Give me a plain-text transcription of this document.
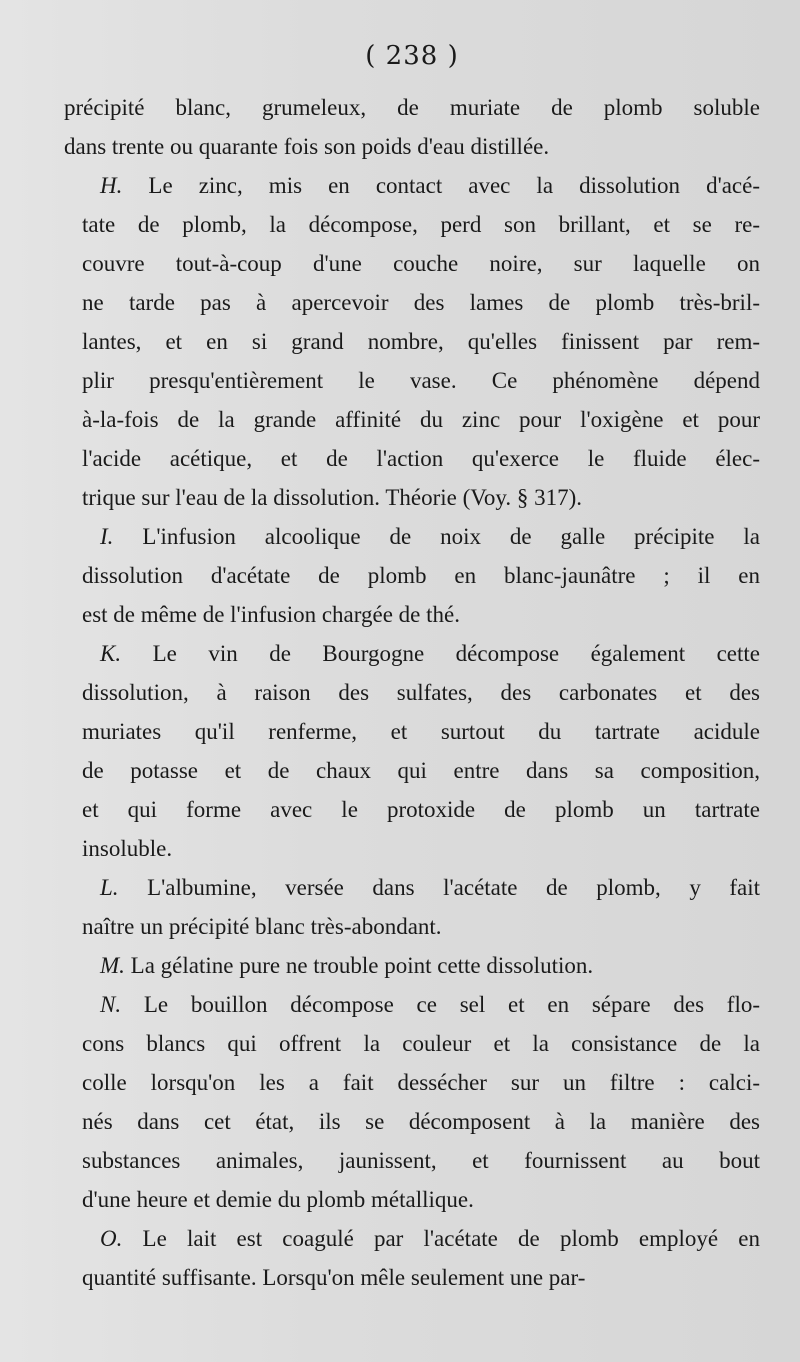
( 238 )
précipité blanc, grumeleux, de muriate de plomb soluble
dans trente ou quarante fois son poids d'eau distillée.
H. Le zinc, mis en contact avec la dissolution d'acé-
tate de plomb, la décompose, perd son brillant, et se re-
couvre tout-à-coup d'une couche noire, sur laquelle on
ne tarde pas à apercevoir des lames de plomb très-bril-
lantes, et en si grand nombre, qu'elles finissent par rem-
plir presqu'entièrement le vase. Ce phénomène dépend
à-la-fois de la grande affinité du zinc pour l'oxigène et pour
l'acide acétique, et de l'action qu'exerce le fluide élec-
trique sur l'eau de la dissolution. Théorie (Voy. § 317).
I. L'infusion alcoolique de noix de galle précipite la
dissolution d'acétate de plomb en blanc-jaunâtre ; il en
est de même de l'infusion chargée de thé.
K. Le vin de Bourgogne décompose également cette
dissolution, à raison des sulfates, des carbonates et des
muriates qu'il renferme, et surtout du tartrate acidule
de potasse et de chaux qui entre dans sa composition,
et qui forme avec le protoxide de plomb un tartrate
insoluble.
L. L'albumine, versée dans l'acétate de plomb, y fait
naître un précipité blanc très-abondant.
M. La gélatine pure ne trouble point cette dissolution.
N. Le bouillon décompose ce sel et en sépare des flo-
cons blancs qui offrent la couleur et la consistance de la
colle lorsqu'on les a fait dessécher sur un filtre : calci-
nés dans cet état, ils se décomposent à la manière des
substances animales, jaunissent, et fournissent au bout
d'une heure et demie du plomb métallique.
O. Le lait est coagulé par l'acétate de plomb employé en
quantité suffisante. Lorsqu'on mêle seulement une par-
